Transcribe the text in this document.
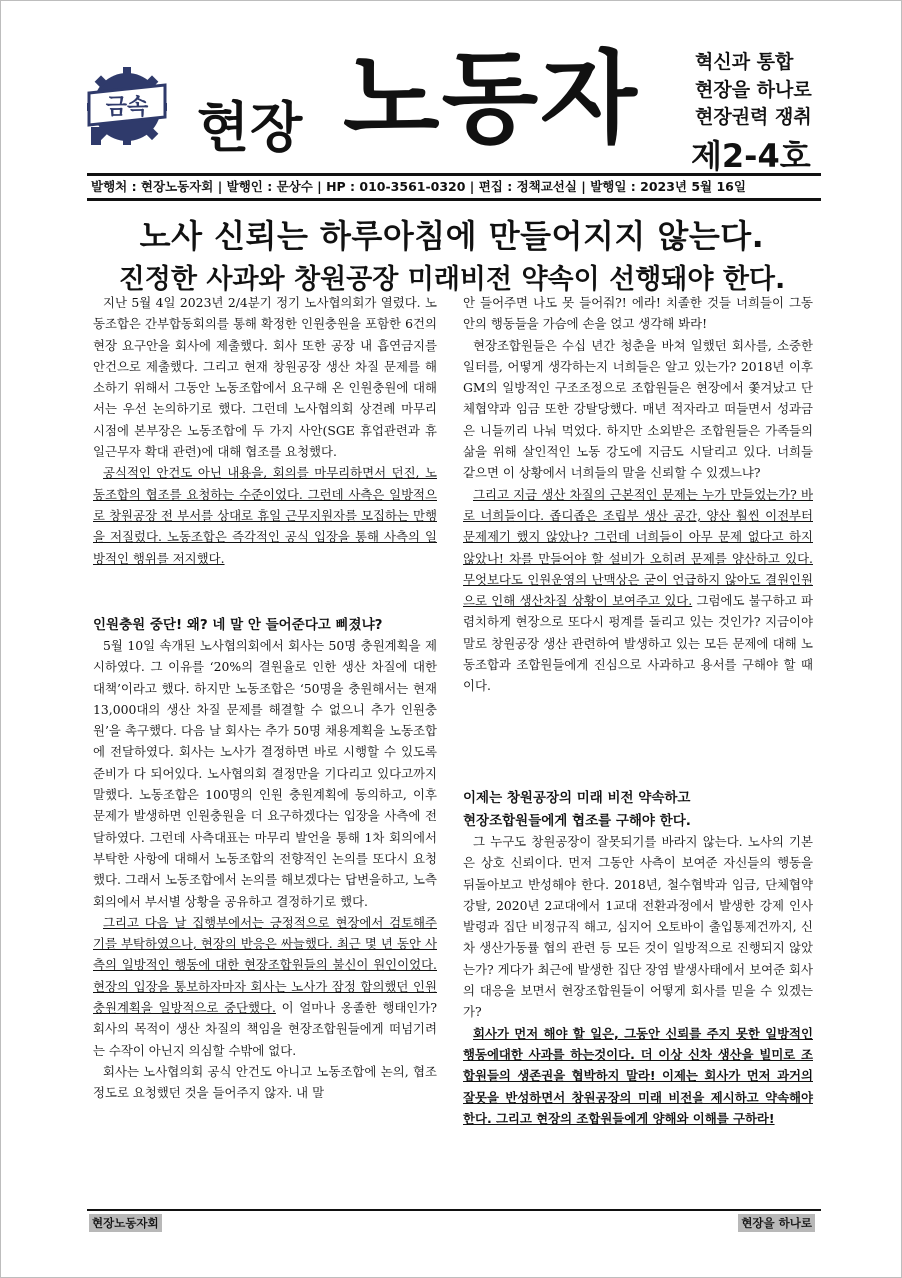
금속 현장 노동자	혁신과 통합
현장을 하나로
현장권력 쟁취
제2-4호
발행처 : 현장노동자회 | 발행인 : 문상수 | HP : 010-3561-0320 | 편집 : 정책교선실 | 발행일 : 2023년 5월 16일
노사 신뢰는 하루아침에 만들어지지 않는다.
진정한 사과와 창원공장 미래비전 약속이 선행돼야 한다.

지난 5월 4일 2023년 2/4분기 정기 노사협의회가 열렸다. 노동조합은 간부합동회의를 통해 확정한 인원충원을 포함한 6건의 현장 요구안을 회사에 제출했다. 회사 또한 공장 내 흡연금지를 안건으로 제출했다. 그리고 현재 창원공장 생산 차질 문제를 해소하기 위해서 그동안 노동조합에서 요구해 온 인원충원에 대해서는 우선 논의하기로 했다. 그런데 노사협의회 상견례 마무리 시점에 본부장은 노동조합에 두 가지 사안(SGE 휴업관련과 휴일근무자 확대 관련)에 대해 협조를 요청했다.

공식적인 안건도 아닌 내용을, 회의를 마무리하면서 던진, 노동조합의 협조를 요청하는 수준이었다. 그런데 사측은 일방적으로 창원공장 전 부서를 상대로 휴일 근무지원자를 모집하는 만행을 저질렀다. 노동조합은 즉각적인 공식 입장을 통해 사측의 일방적인 행위를 저지했다.

인원충원 중단! 왜? 네 말 안 들어준다고 삐졌냐?

5월 10일 속개된 노사협의회에서 회사는 50명 충원계획을 제시하였다. 그 이유를 ‘20%의 결원율로 인한 생산 차질에 대한 대책’이라고 했다. 하지만 노동조합은 ‘50명을 충원해서는 현재 13,000대의 생산 차질 문제를 해결할 수 없으니 추가 인원충원’을 촉구했다. 다음 날 회사는 추가 50명 채용계획을 노동조합에 전달하였다. 회사는 노사가 결정하면 바로 시행할 수 있도록 준비가 다 되어있다. 노사협의회 결정만을 기다리고 있다고까지 말했다. 노동조합은 100명의 인원 충원계획에 동의하고, 이후 문제가 발생하면 인원충원을 더 요구하겠다는 입장을 사측에 전달하였다. 그런데 사측대표는 마무리 발언을 통해 1차 회의에서 부탁한 사항에 대해서 노동조합의 전향적인 논의를 또다시 요청했다. 그래서 노동조합에서 논의를 해보겠다는 답변을하고, 노측회의에서 부서별 상황을 공유하고 결정하기로 했다.

그리고 다음 날 집행부에서는 긍정적으로 현장에서 검토해주기를 부탁하였으나, 현장의 반응은 싸늘했다. 최근 몇 년 동안 사측의 일방적인 행동에 대한 현장조합원들의 불신이 원인이었다. 현장의 입장을 통보하자마자 회사는 노사가 잠정 합의했던 인원 충원계획을 일방적으로 중단했다. 이 얼마나 옹졸한 행태인가? 회사의 목적이 생산 차질의 책임을 현장조합원들에게 떠넘기려는 수작이 아닌지 의심할 수밖에 없다.

회사는 노사협의회 공식 안건도 아니고 노동조합에 논의, 협조 정도로 요청했던 것을 들어주지 않자. 내 말

안 들어주면 나도 못 들어줘?! 에라! 치졸한 것들 너희들이 그동안의 행동들을 가슴에 손을 얹고 생각해 봐라!

현장조합원들은 수십 년간 청춘을 바쳐 일했던 회사를, 소중한 일터를, 어떻게 생각하는지 너희들은 알고 있는가? 2018년 이후 GM의 일방적인 구조조정으로 조합원들은 현장에서 쫓겨났고 단체협약과 임금 또한 강탈당했다. 매년 적자라고 떠들면서 성과금은 니들끼리 나눠 먹었다. 하지만 소외받은 조합원들은 가족들의 삶을 위해 살인적인 노동 강도에 지금도 시달리고 있다. 너희들 같으면 이 상황에서 너희들의 말을 신뢰할 수 있겠느냐?

그리고 지금 생산 차질의 근본적인 문제는 누가 만들었는가? 바로 너희들이다. 좁디좁은 조립부 생산 공간, 양산 훨씬 이전부터 문제제기 했지 않았나? 그런데 너희들이 아무 문제 없다고 하지 않았나! 차를 만들어야 할 설비가 오히려 문제를 양산하고 있다. 무엇보다도 인원운영의 난맥상은 굳이 언급하지 않아도 결원인원으로 인해 생산차질 상황이 보여주고 있다. 그럼에도 불구하고 파렴치하게 현장으로 또다시 펑계를 돌리고 있는 것인가? 지금이야말로 창원공장 생산 관련하여 발생하고 있는 모든 문제에 대해 노동조합과 조합원들에게 진심으로 사과하고 용서를 구해야 할 때이다.

이제는 창원공장의 미래 비전 약속하고
현장조합원들에게 협조를 구해야 한다.

그 누구도 창원공장이 잘못되기를 바라지 않는다. 노사의 기본은 상호 신뢰이다. 먼저 그동안 사측이 보여준 자신들의 행동을 뒤돌아보고 반성해야 한다. 2018년, 철수협박과 임금, 단체협약 강탈, 2020년 2교대에서 1교대 전환과정에서 발생한 강제 인사발령과 집단 비정규직 해고, 심지어 오토바이 출입통제건까지, 신차 생산가동률 협의 관련 등 모든 것이 일방적으로 진행되지 않았는가? 게다가 최근에 발생한 집단 장염 발생사태에서 보여준 회사의 대응을 보면서 현장조합원들이 어떻게 회사를 믿을 수 있겠는가?

회사가 먼저 해야 할 일은, 그동안 신뢰를 주지 못한 일방적인 행동에대한 사과를 하는것이다. 더 이상 신차 생산을 빌미로 조합원들의 생존권을 협박하지 말라! 이제는 회사가 먼저 과거의 잘못을 반성하면서 창원공장의 미래 비전을 제시하고 약속해야 한다. 그리고 현장의 조합원들에게 양해와 이해를 구하라!

현장노동자회	현장을 하나로
